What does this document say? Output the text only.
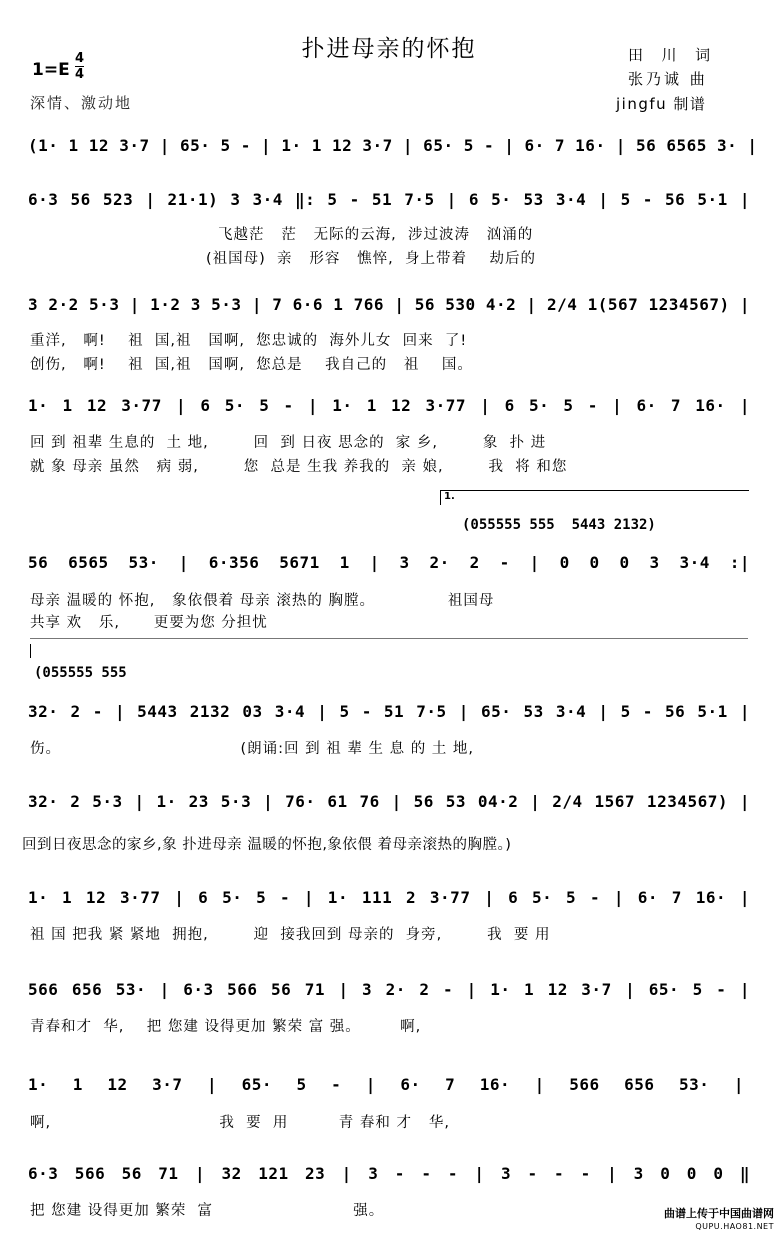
扑进母亲的怀抱	田  川  词
张乃诚 曲
jingfu 制谱
1=E
4
4
深情、激动地
(1· 1 12 3·7 | 65· 5 - | 1· 1 12 3·7 | 65· 5 - | 6· 7 16· | 56 6565 3· |
6·3 56 523 | 21·1) 3 3·4 ‖: 5 - 51 7·5 | 6 5· 53 3·4 | 5 - 56 5·1 |
飞越茫   茫   无际的云海,  涉过波涛   汹涌的
(祖国母)  亲   形容   憔悴,  身上带着    劫后的
3 2·2 5·3 | 1·2 3 5·3 | 7 6·6 1 766 | 56 530 4·2 | 2/4 1(567 1234567) |
重洋,   啊!    祖  国,祖   国啊,  您忠诚的  海外儿女  回来  了!
创伤,   啊!    祖  国,祖   国啊,  您总是    我自己的   祖    国。
1· 1 12 3·77 | 6 5· 5 - | 1· 1 12 3·77 | 6 5· 5 - | 6· 7 16· |
回 到 祖辈 生息的  土 地,        回  到 日夜 思念的  家 乡,        象  扑 进
就 象 母亲 虽然   病 弱,        您  总是 生我 养我的  亲 娘,        我  将 和您
1.
(055555 555  5443 2132)
56 6565 53· | 6·356 5671 1 | 3 2· 2 - | 0 0 0 3 3·4 :|
母亲 温暖的 怀抱,   象依偎着 母亲 滚热的 胸膛。             祖国母
共享 欢   乐,      更要为您 分担忧
(055555 555
32· 2 - | 5443 2132 03 3·4 | 5 - 51 7·5 | 65· 53 3·4 | 5 - 56 5·1 |
伤。                                (朗诵:回 到 祖 辈 生 息 的 土 地,
32· 2 5·3 | 1· 23 5·3 | 76· 61 76 | 56 53 04·2 | 2/4 1567 1234567) |
回到日夜思念的家乡,象 扑进母亲 温暖的怀抱,象依偎 着母亲滚热的胸膛。)
1· 1 12 3·77 | 6 5· 5 - | 1· 111 2 3·77 | 6 5· 5 - | 6· 7 16· |
祖 国 把我 紧 紧地  拥抱,        迎  接我回到 母亲的  身旁,        我  要 用
566 656 53· | 6·3 566 56 71 | 3 2· 2 - | 1· 1 12 3·7 | 65· 5 - |
青春和才  华,    把 您建 设得更加 繁荣 富 强。       啊,
1· 1 12 3·7 | 65· 5 - | 6· 7 16· | 566 656 53· |
啊,                              我  要  用         青 春和 才   华,
6·3 566 56 71 | 32 121 23 | 3 - - - | 3 - - - | 3 0 0 0 ‖
把 您建 设得更加 繁荣  富                         强。	曲谱上传于中国曲谱网
QUPU.HAO81.NET
